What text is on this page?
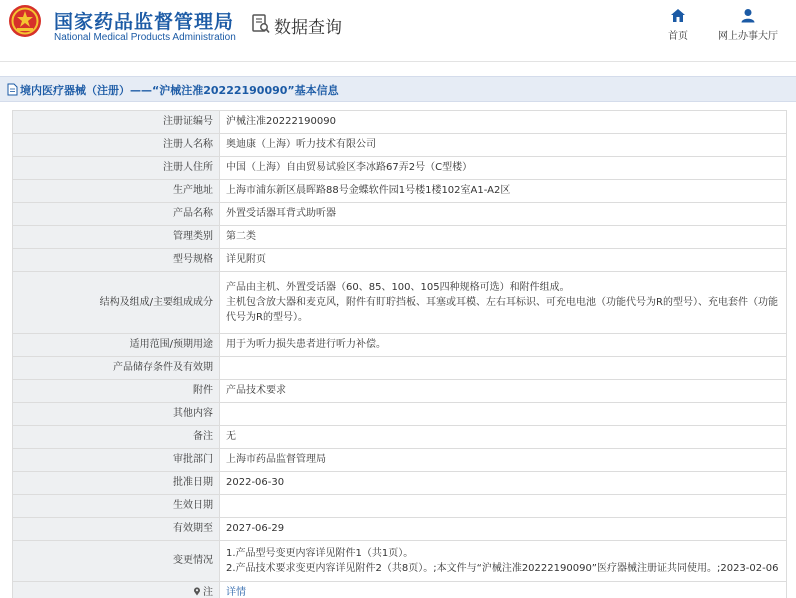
国家药品监督管理局
National Medical Products Administration 数据查询	首页	网上办事大厅
境内医疗器械（注册）——“沪械注准20222190090”基本信息
注册证编号	沪械注准20222190090
注册人名称	奥迪康（上海）听力技术有限公司
注册人住所	中国（上海）自由贸易试验区李冰路67弄2号（C型楼）
生产地址	上海市浦东新区晨晖路88号金蝶软件园1号楼1楼102室A1-A2区
产品名称	外置受话器耳背式助听器
管理类别	第二类
型号规格	详见附页
结构及组成/主要组成成分	产品由主机、外置受话器（60、85、100、105四种规格可选）和附件组成。

主机包含放大器和麦克风，附件有盯聍挡板、耳塞或耳模、左右耳标识、可充电电池（功能代号为R的型号）、充电套件（功能代号为R的型号）。

适用范围/预期用途	用于为听力损失患者进行听力补偿。
产品储存条件及有效期	
附件	产品技术要求
其他内容	
备注	无
审批部门	上海市药品监督管理局
批准日期	2022-06-30
生效日期	
有效期至	2027-06-29
变更情况	1.产品型号变更内容详见附件1（共1页）。

2.产品技术要求变更内容详见附件2（共8页）。;本文件与“沪械注准20222190090”医疗器械注册证共同使用。;2023-02-06

注	详情
